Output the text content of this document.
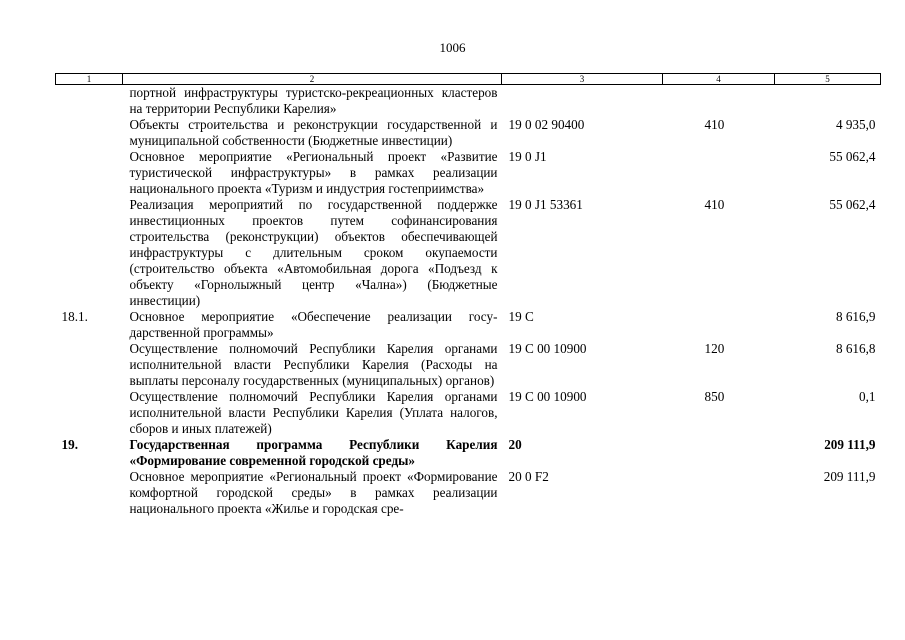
1006
1	2	3	4	5
	портной инфраструктуры туристско-рекреационных кластеров на территории Республики Карелия»			
	Объекты строительства и реконструкции государственной и муниципальной собственности (Бюджетные инвестиции)	19 0 02 90400	410	4 935,0
	Основное мероприятие «Региональный проект «Развитие туристической инфраструктуры» в рамках реализации национального проекта «Туризм и индустрия гостеприимства»	19 0 J1		55 062,4
	Реализация мероприятий по государственной поддержке инвестиционных проектов путем софинансирования строительства (реконструкции) объектов обеспечивающей инфраструктуры с длительным сроком окупаемости (строительство объекта «Автомобильная дорога «Подъезд к объекту «Горнолыжный центр «Чална») (Бюджетные инвестиции)	19 0 J1 53361	410	55 062,4
18.1.	Основное мероприятие «Обеспечение реализации государственной программы»	19 C		8 616,9
	Осуществление полномочий Республики Карелия органами исполнительной власти Республики Карелия (Расходы на выплаты персоналу государственных (муниципальных) органов)	19 C 00 10900	120	8 616,8
	Осуществление полномочий Республики Карелия органами исполнительной власти Республики Карелия (Уплата налогов, сборов и иных платежей)	19 C 00 10900	850	0,1
19.	Государственная программа Республики Карелия «Формирование современной городской среды»	20		209 111,9
	Основное мероприятие «Региональный проект «Формирование комфортной городской среды» в рамках реализации национального проекта «Жилье и городская сре-	20 0 F2		209 111,9
